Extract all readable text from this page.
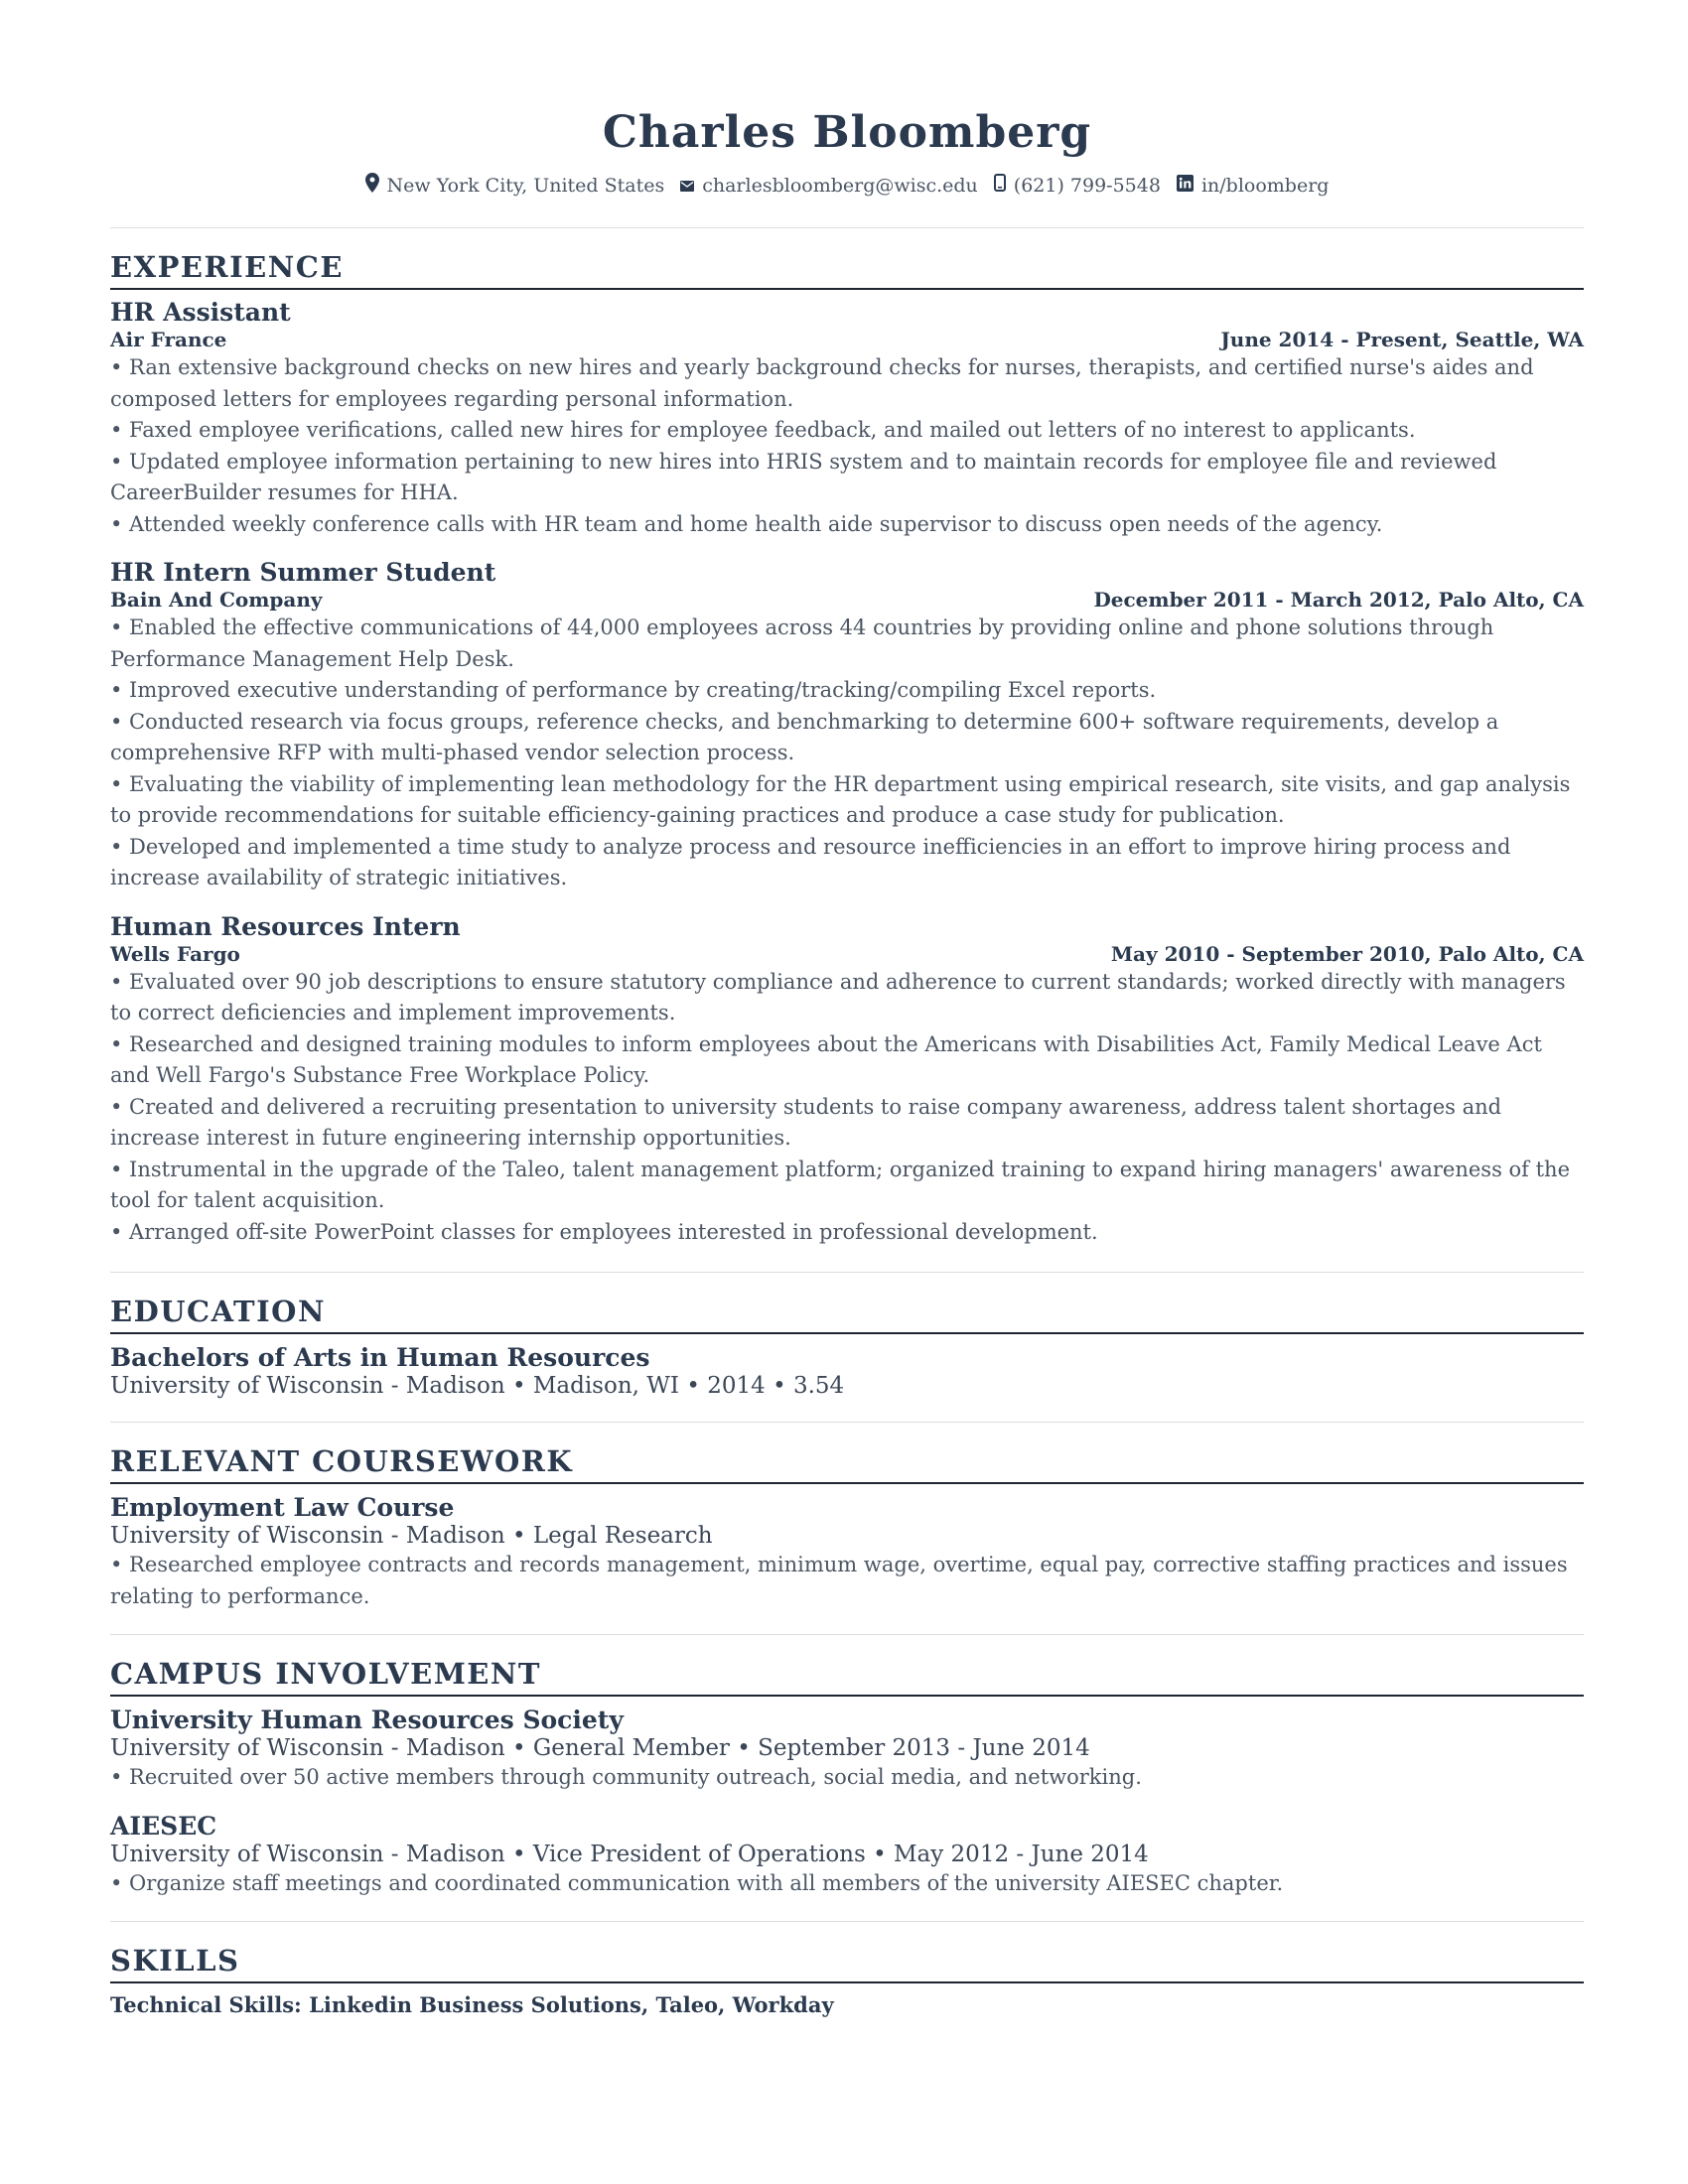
Charles Bloomberg
New York City, United States charlesbloomberg@wisc.edu (621) 799-5548 in/bloomberg
EXPERIENCE
HR Assistant
Air France	June 2014 - Present, Seattle, WA
• Ran extensive background checks on new hires and yearly background checks for nurses, therapists, and certified nurse's aides and composed letters for employees regarding personal information.
• Faxed employee verifications, called new hires for employee feedback, and mailed out letters of no interest to applicants.
• Updated employee information pertaining to new hires into HRIS system and to maintain records for employee file and reviewed CareerBuilder resumes for HHA.
• Attended weekly conference calls with HR team and home health aide supervisor to discuss open needs of the agency.
HR Intern Summer Student
Bain And Company	December 2011 - March 2012, Palo Alto, CA
• Enabled the effective communications of 44,000 employees across 44 countries by providing online and phone solutions through Performance Management Help Desk.
• Improved executive understanding of performance by creating/tracking/compiling Excel reports.
• Conducted research via focus groups, reference checks, and benchmarking to determine 600+ software requirements, develop a comprehensive RFP with multi-phased vendor selection process.
• Evaluating the viability of implementing lean methodology for the HR department using empirical research, site visits, and gap analysis to provide recommendations for suitable efficiency-gaining practices and produce a case study for publication.
• Developed and implemented a time study to analyze process and resource inefficiencies in an effort to improve hiring process and increase availability of strategic initiatives.
Human Resources Intern
Wells Fargo	May 2010 - September 2010, Palo Alto, CA
• Evaluated over 90 job descriptions to ensure statutory compliance and adherence to current standards; worked directly with managers to correct deficiencies and implement improvements.
• Researched and designed training modules to inform employees about the Americans with Disabilities Act, Family Medical Leave Act and Well Fargo's Substance Free Workplace Policy.
• Created and delivered a recruiting presentation to university students to raise company awareness, address talent shortages and increase interest in future engineering internship opportunities.
• Instrumental in the upgrade of the Taleo, talent management platform; organized training to expand hiring managers' awareness of the tool for talent acquisition.
• Arranged off-site PowerPoint classes for employees interested in professional development.
EDUCATION
Bachelors of Arts in Human Resources
University of Wisconsin - Madison • Madison, WI • 2014 • 3.54
RELEVANT COURSEWORK
Employment Law Course
University of Wisconsin - Madison • Legal Research
• Researched employee contracts and records management, minimum wage, overtime, equal pay, corrective staffing practices and issues relating to performance.
CAMPUS INVOLVEMENT
University Human Resources Society
University of Wisconsin - Madison • General Member • September 2013 - June 2014
• Recruited over 50 active members through community outreach, social media, and networking.
AIESEC
University of Wisconsin - Madison • Vice President of Operations • May 2012 - June 2014
• Organize staff meetings and coordinated communication with all members of the university AIESEC chapter.
SKILLS
Technical Skills: Linkedin Business Solutions, Taleo, Workday
